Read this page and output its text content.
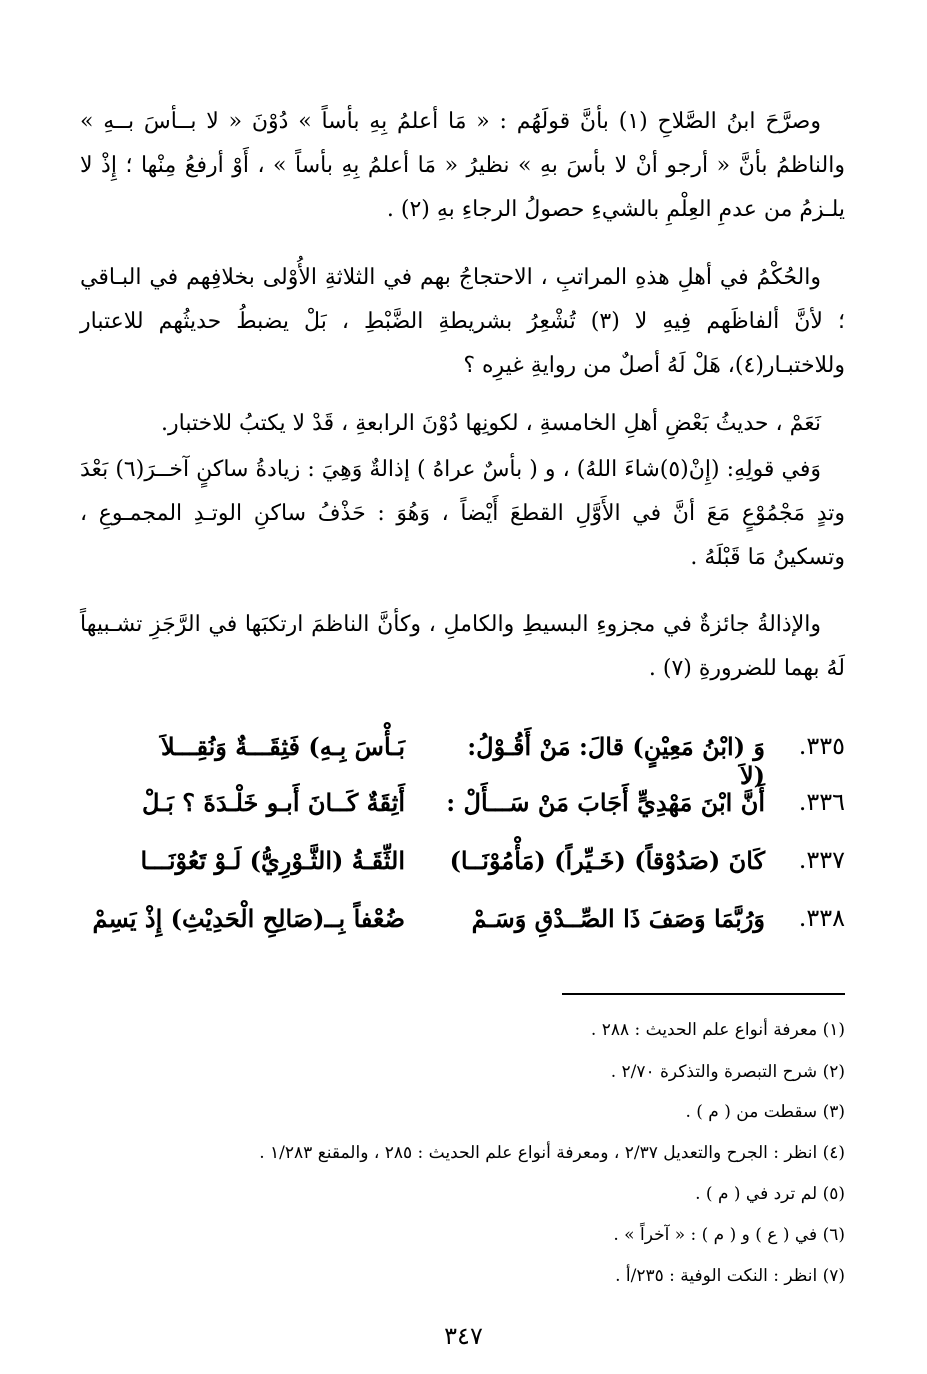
وصرَّحَ ابنُ الصَّلاحِ (١) بأنَّ قولَهُم : « مَا أعلمُ بِهِ بأساً » دُوْنَ « لا بــأسَ بــهِ » والناظمُ بأنَّ « أرجو أنْ لا بأسَ بهِ » نظيرُ « مَا أعلمُ بِهِ بأساً » ، أَوْ أرفعُ مِنْها ؛ إِذْ لا يلـزمُ من عدمِ العِلْمِ بالشيءِ حصولُ الرجاءِ بهِ (٢) .
والحُكْمُ في أهلِ هذهِ المراتبِ ، الاحتجاجُ بهم في الثلاثةِ الأُوْلى بخلافِهم في البـاقي ؛ لأنَّ ألفاظَهم فِيهِ لا (٣) تُشْعِرُ بشريطةِ الضَّبْطِ ، بَلْ يضبطُ حديثُهم للاعتبار وللاختبـار(٤)، هَلْ لَهُ أصلٌ من روايةِ غيرِه ؟
نَعَمْ ، حديثُ بَعْضِ أهلِ الخامسةِ ، لكونِها دُوْنَ الرابعةِ ، قَدْ لا يكتبُ للاختبار.
وَفي قولِهِ: (إِنْ(٥)شاءَ اللهُ) ، و ( بأسٌ عراهُ ) إذالةٌ وَهِيَ : زيادةُ ساكنٍ آخــرَ(٦) بَعْدَ وتدٍ مَجْمُوْعٍ مَعَ أنَّ في الأَوَّلِ القطعَ أَيْضاً ، وَهُوَ : حَذْفُ ساكنِ الوتـدِ المجمـوعِ ، وتسكينُ مَا قَبْلَهُ .
والإذالةُ جائزةٌ في مجزوءِ البسيطِ والكاملِ ، وكأنَّ الناظمَ ارتكبَها في الرَّجَزِ تشـبيهاً لَهُ بهما للضرورةِ (٧) .
٣٣٥.
وَ (ابْنُ مَعِيْنٍ) قالَ: مَنْ أَقُـوْلُ: (لاَ
بَـأْسَ بِـهِ) فَثِقَـــةٌ وَنُقِـــلاَ
٣٣٦.
أَنَّ ابْنَ مَهْدِيٍّ أَجَابَ مَنْ سَـــأَلْ :
أَثِقَةٌ كَــانَ أَبـو خَلْـدَةَ ؟ بَـلْ
٣٣٧.
كَانَ (صَدُوْقاً) (خَـيِّراً) (مَأْمُوْنَــا)
الثِّقَـةُ (الثَّـوْرِيُّ) لَـوْ تَعُوْنَـــا
٣٣٨.
وَرُبَّمَا وَصَفَ ذَا الصِّــدْقِ وَسَـمْ
ضُعْفاً بِــ(صَالِحِ الْحَدِيْثِ) إِذْ يَسِمْ
(١) معرفة أنواع علم الحديث : ٢٨٨ .
(٢) شرح التبصرة والتذكرة ٢/٧٠ .
(٣) سقطت من ( م ) .
(٤) انظر : الجرح والتعديل ٢/٣٧ ، ومعرفة أنواع علم الحديث : ٢٨٥ ، والمقنع ١/٢٨٣ .
(٥) لم ترد في ( م ) .
(٦) في ( ع ) و ( م ) : « آخراً » .
(٧) انظر : النكت الوفية : ٢٣٥/أ .
٣٤٧
